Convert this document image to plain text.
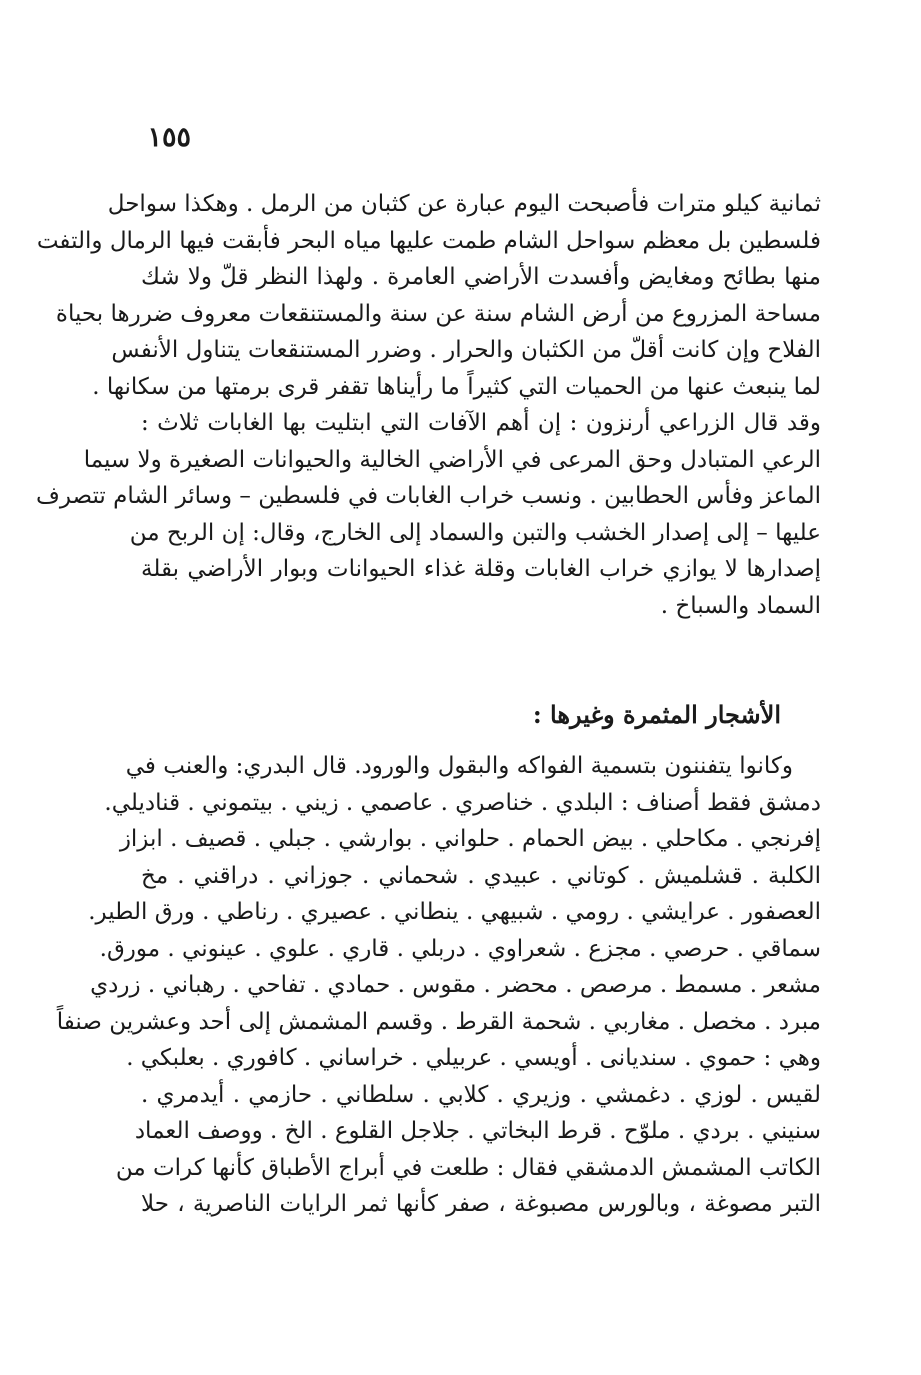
١٥٥
ثمانية كيلو مترات فأصبحت اليوم عبارة عن كثبان من الرمل . وهكذا سواحل
فلسطين بل معظم سواحل الشام طمت عليها مياه البحر فأبقت فيها الرمال والتفت
منها بطائح ومغايض وأفسدت الأراضي العامرة . ولهذا النظر قلّ ولا شك
مساحة المزروع من أرض الشام سنة عن سنة والمستنقعات معروف ضررها بحياة
الفلاح وإن كانت أقلّ من الكثبان والحرار . وضرر المستنقعات يتناول الأنفس
لما ينبعث عنها من الحميات التي كثيراً ما رأيناها تقفر قرى برمتها من سكانها .
وقد قال الزراعي أرنزون : إن أهم الآفات التي ابتليت بها الغابات ثلاث :
الرعي المتبادل وحق المرعى في الأراضي الخالية والحيوانات الصغيرة ولا سيما
الماعز وفأس الحطابين . ونسب خراب الغابات في فلسطين – وسائر الشام تتصرف
عليها – إلى إصدار الخشب والتبن والسماد إلى الخارج، وقال: إن الربح من
إصدارها لا يوازي خراب الغابات وقلة غذاء الحيوانات وبوار الأراضي بقلة
السماد والسباخ .
الأشجار المثمرة وغيرها :
وكانوا يتفننون بتسمية الفواكه والبقول والورود. قال البدري: والعنب في
دمشق فقط أصناف : البلدي . خناصري . عاصمي . زيني . بيتموني . قناديلي.
إفرنجي . مكاحلي . بيض الحمام . حلواني . بوارشي . جبلي . قصيف . ابزاز
الكلبة . قشلميش . كوتاني . عبيدي . شحماني . جوزاني . دراقني . مخ
العصفور . عرايشي . رومي . شبيهي . ينطاني . عصيري . رناطي . ورق الطير.
سماقي . حرصي . مجزع . شعراوي . دربلي . قاري . علوي . عينوني . مورق.
مشعر . مسمط . مرصص . محضر . مقوس . حمادي . تفاحي . رهباني . زردي
مبرد . مخصل . مغاربي . شحمة القرط . وقسم المشمش إلى أحد وعشرين صنفاً
وهي : حموي . سنديانى . أويسي . عربيلي . خراساني . كافوري . بعلبكي .
لقيس . لوزي . دغمشي . وزيري . كلابي . سلطاني . حازمي . أيدمري .
سنيني . بردي . ملوّح . قرط البخاتي . جلاجل القلوع . الخ . ووصف العماد
الكاتب المشمش الدمشقي فقال : طلعت في أبراج الأطباق كأنها كرات من
التبر مصوغة ، وبالورس مصبوغة ، صفر كأنها ثمر الرايات الناصرية ، حلا
